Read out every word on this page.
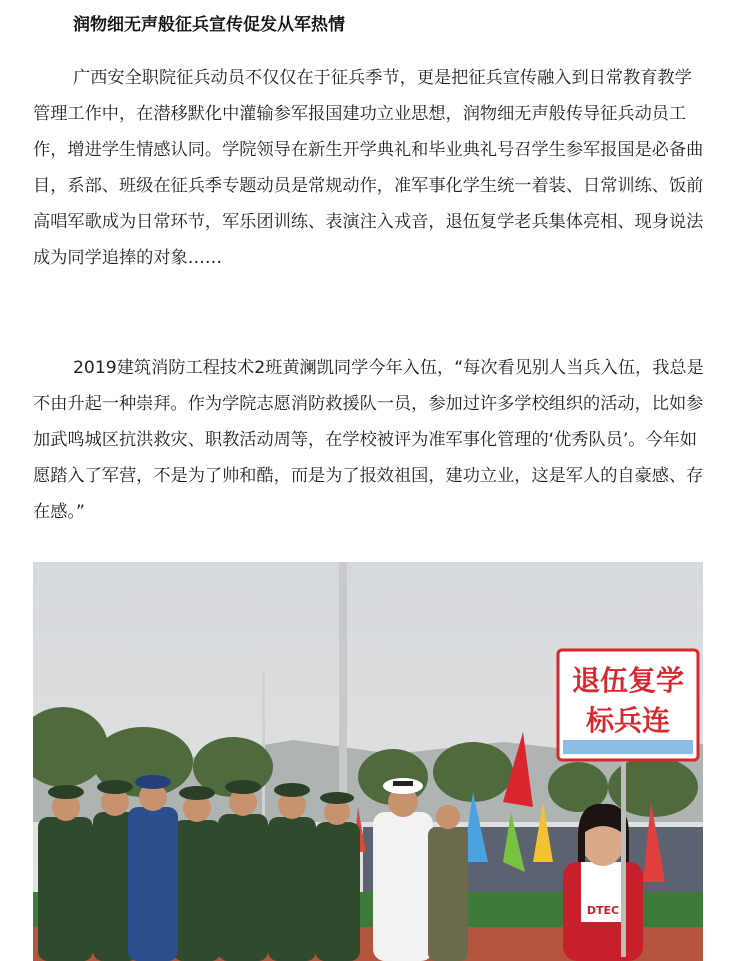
润物细无声般征兵宣传促发从军热情

广西安全职院征兵动员不仅仅在于征兵季节，更是把征兵宣传融入到日常教育教学管理工作中，在潜移默化中灌输参军报国建功立业思想，润物细无声般传导征兵动员工作，增进学生情感认同。学院领导在新生开学典礼和毕业典礼号召学生参军报国是必备曲目，系部、班级在征兵季专题动员是常规动作，准军事化学生统一着装、日常训练、饭前高唱军歌成为日常环节，军乐团训练、表演注入戎音，退伍复学老兵集体亮相、现身说法成为同学追捧的对象……

2019建筑消防工程技术2班黄澜凯同学今年入伍，“每次看见别人当兵入伍，我总是不由升起一种崇拜。作为学院志愿消防救援队一员，参加过许多学校组织的活动，比如参加武鸣城区抗洪救灾、职教活动周等，在学校被评为准军事化管理的‘优秀队员’。今年如愿踏入了军营，不是为了帅和酷，而是为了报效祖国，建功立业，这是军人的自豪感、存在感。”

DTEC
退伍复学
标兵连
